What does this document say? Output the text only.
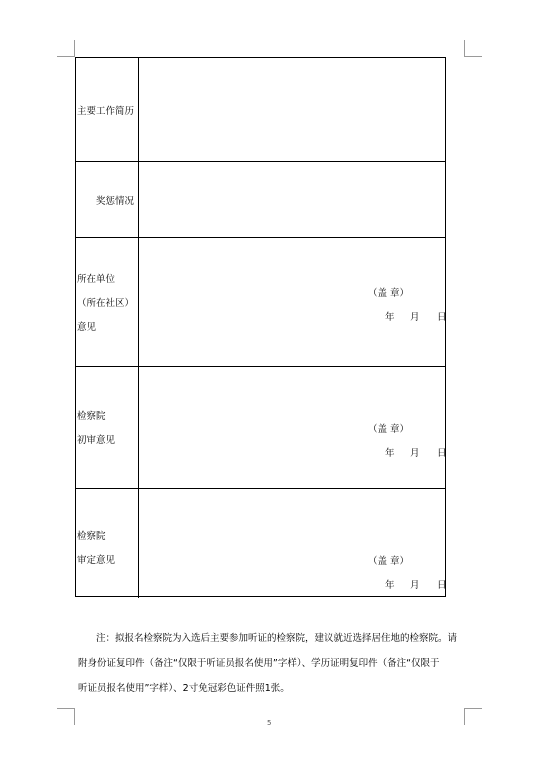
主要工作简历
奖惩情况
所在单位
（所在社区）
意见
（盖 章）
年 月 日
检察院
初审意见
（盖 章）
年 月 日
检察院
审定意见	（盖 章）
年 月 日
注：拟报名检察院为入选后主要参加听证的检察院，建议就近选择居住地的检察院。请
附身份证复印件（备注“仅限于听证员报名使用”字样）、学历证明复印件（备注“仅限于
听证员报名使用”字样）、2寸免冠彩色证件照1张。
5
